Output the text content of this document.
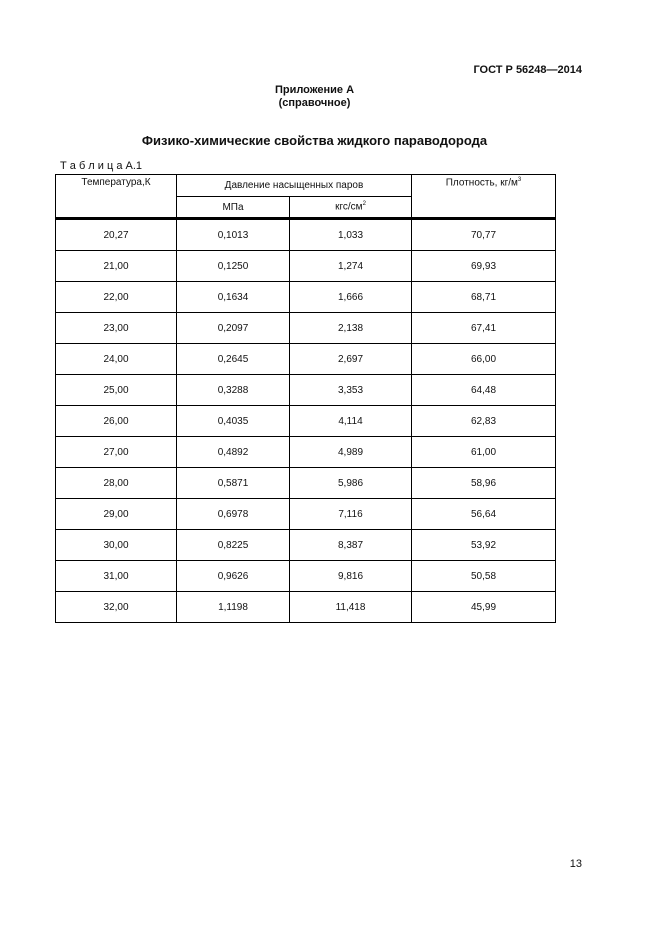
ГОСТ Р 56248—2014
Приложение А
(справочное)
Физико-химические свойства жидкого параводорода
Т а б л и ц а А.1
Температура,К	Давление насыщенных паров		Плотность, $кг/м^3$
	МПа	кгс/$см^2$
20,27	0,1013	1,033	70,77
21,00	0,1250	1,274	69,93
22,00	0,1634	1,666	68,71
23,00	0,2097	2,138	67,41
24,00	0,2645	2,697	66,00
25,00	0,3288	3,353	64,48
26,00	0,4035	4,114	62,83
27,00	0,4892	4,989	61,00
28,00	0,5871	5,986	58,96
29,00	0,6978	7,116	56,64
30,00	0,8225	8,387	53,92
31,00	0,9626	9,816	50,58
32,00	1,1198	11,418	45,99
13
